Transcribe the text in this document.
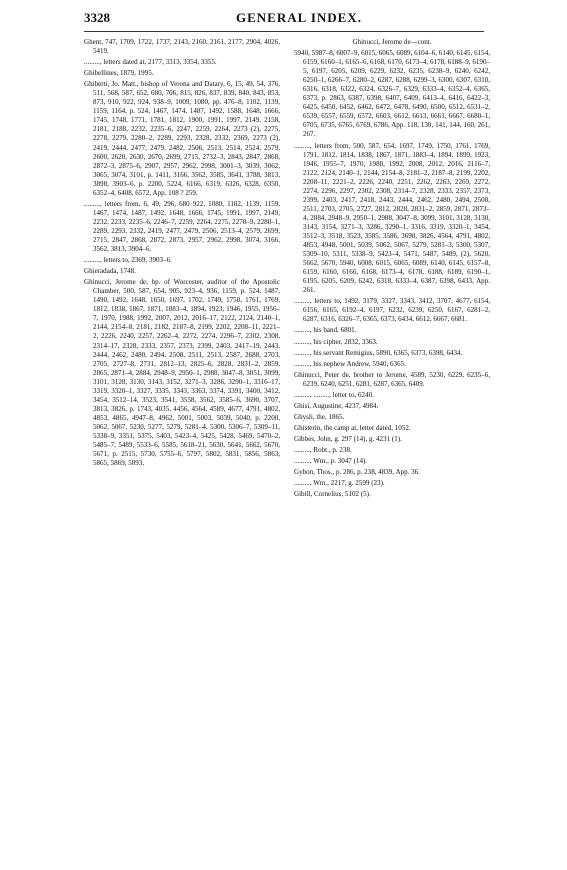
3328	GENERAL INDEX.

Ghent, 747, 1709, 1722, 1737, 2143, 2160, 2161, 2177, 2904, 4026, 5419.

........., letters dated at, 2177, 3313, 3354, 3355.

Ghibellines, 1879, 1995.

Ghiberti, Jo. Matt., bishop of Verona and Datary, 6, 15, 49, 54, 376, 511, 568, 587, 652, 680, 706, 815, 826, 837, 839, 840, 843, 853, 873, 910, 922, 924, 938–9, 1009, 1080, pp. 476–8, 1102, 1139, 1159, 1164, p. 524, 1467, 1474, 1487, 1492, 1588, 1648, 1666, 1745, 1748, 1771, 1781, 1812, 1900, 1991, 1997, 2149, 2158, 2181, 2188, 2232, 2235–6, 2247, 2259, 2264, 2273 (2), 2275, 2278, 2279, 2280–2, 2289, 2293, 2328, 2332, 2369, 2273 (2), 2419, 2444, 2477, 2479, 2482, 2506, 2513, 2514, 2524, 2579, 2600, 2620, 2630, 2670, 2699, 2715, 2732–3, 2843, 2847, 2868, 2872–3, 2875–6, 2907, 2957, 2962, 2998, 3001–3, 3039, 3062, 3065, 3074, 3101, p. 1411, 3166, 3562, 3585, 3641, 3788, 3813, 3898, 3903–6, p. 2200, 5224, 6166, 6319, 6326, 6328, 6350, 6352–4, 6408, 6572, App. 108 ? 259.

........., letters from, 6, 49, 296, 680 922, 1080, 1102, 1139, 1159, 1467, 1474, 1487, 1492, 1648, 1666, 1745, 1991, 1997, 2149, 2232, 2233, 2235–6, 2246–7, 2259, 2264, 2275, 2278–9, 2280–1, 2289, 2293, 2332, 2419, 2477, 2479, 2506, 2513–4, 2579, 2699, 2715, 2847, 2868, 2872, 2873, 2957, 2962, 2998, 3074, 3166, 3562, 3813, 3904–6.

........., letters to, 2369, 3903–6.

Ghieradada, 1748.

Ghinucci, Jerome de, bp. of Worcester, auditor of the Apostolic Chamber, 500, 587, 654, 905, 923–4, 936, 1159, p. 524, 1487, 1490, 1492, 1648, 1650, 1697, 1702, 1749, 1750, 1761, 1769, 1812, 1838, 1867, 1871, 1883–4, 1894, 1923, 1946, 1955, 1956–7, 1970, 1988, 1992, 2007, 2012, 2016–17, 2122, 2124, 2140–1, 2144, 2154–8, 2181, 2182, 2187–8, 2199, 2202, 2208–11, 2221–2, 2226, 2240, 2257, 2262–4, 2272, 2274, 2296–7, 2302, 2308, 2314–17, 2328, 2333, 2357, 2373, 2399, 2403, 2417–19, 2443, 2444, 2462, 2480, 2494, 2508, 2511, 2513, 2587, 2688, 2703, 2705, 2727–8, 2731, 2812–13, 2825–6, 2828, 2831–2, 2859, 2865, 2871–4, 2884, 2948–9, 2950–1, 2988, 3047–8, 3051, 3099, 3101, 3128, 3130, 3143, 3152, 3271–3, 3286, 3290–1, 3316–17, 3319, 3320–1, 3327, 3335, 3343, 3363, 3374, 3391, 3400, 3412, 3454, 3512–14, 3523, 3541, 3558, 3562, 3585–6, 3690, 3707, 3813, 3826, p. 1743, 4035, 4456, 4564, 4589, 4677, 4791, 4802, 4853, 4865, 4947–8, 4962, 5001, 5003, 5039, 5040, p. 2200, 5062, 5067, 5230, 5277, 5279, 5281–4, 5300, 5306–7, 5309–11, 5338–9, 3351, 5375, 5403, 5423–4, 5425, 5428, 5469, 5470–2, 5485–7, 5489, 5533–6, 5585, 5618–21, 5630, 5641, 5662, 5670, 5671, p. 2515, 5730, 5755–6, 5797, 5802, 5831, 5856, 5863, 5865, 5869, 5893,

Ghinucci, Jerome de—cont.

5940, 5987–8, 6007–9, 6015, 6065, 6089, 6104–6, 6140, 6145, 6154, 6159, 6160–1, 6165–6, 6168, 6170, 6173–4, 6178, 6188–9, 6190–5, 6197, 6205, 6209, 6229, 6232, 6235, 6238–9, 6240, 6242, 6250–1, 6266–7, 6280–2, 6287, 6288, 6299–3, 6300, 6307, 6310, 6316, 6318, 6322, 6324, 6326–7, 6329, 6333–4, 6352–4, 6365, 6373, p. 2863, 6387, 6398, 6407, 6409, 6413–4, 6416, 6422–3, 6425, 6450, 6452, 6462, 6472, 6478, 6490, 6500, 6512, 6531–2, 6539, 6557, 6559, 6572, 6603, 6612, 6613, 6661, 6667, 6680–1, 6705, 6735, 6765, 6769, 6786, App. 118, 130, 141, 144, 160, 261, 267.

........., letters from, 500, 587, 654, 1697, 1749, 1750, 1761, 1769, 1791, 1812, 1814, 1838, 1867, 1871, 1883–4, 1894, 1899, 1923, 1946, 1955–7, 1970, 1988, 1992, 2008, 2012, 2016, 2116–7, 2122, 2124, 2140–1, 2144, 2154–8, 2181–2, 2187–8, 2199, 2202, 2208–11, 2221–2, 2226, 2240, 2251, 2262, 2263, 2269, 2272, 2274, 2296, 2297, 2302, 2308, 2314–7, 2328, 2333, 2357, 2373, 2399, 2403, 2417, 2418, 2443, 2444, 2462, 2480, 2494, 2508, 2511, 2703, 2705, 2727, 2812, 2828, 2831–2, 2859, 2871, 2873–4, 2884, 2948–9, 2950–1, 2988, 3047–8, 3099, 3101, 3128, 3130, 3143, 3154, 3271–3, 3286, 3290–1, 3316, 3319, 3320–1, 3454, 3512–3, 3518, 3523, 3585, 3586, 3690, 3826, 4564, 4791, 4802, 4853, 4948, 5001, 5039, 5062, 5067, 5279, 5281–3, 5300, 5307, 5309–10, 5311, 5338–9, 5423–4, 5471, 5487, 5489, (2), 5620, 5662, 5670, 5940, 6008, 6015, 6065, 6089, 6140, 6145, 6157–8, 6159, 6160, 6166, 6168, 6173–4, 6178, 6188, 6189, 6190–1, 6195, 6205, 6209, 6242, 6318, 6333–4, 6387, 6398, 6433, App. 261.

........., letters to, 1492, 3179, 3327, 3343, 3412, 3707, 4677, 6154, 6156, 6165, 6192–4, 6197, 6232, 6239, 6250, 6167, 6281–2, 6287, 6316, 6326–7, 6365, 6373, 6434, 6612, 6667, 6681.

........., his band, 6801.

........., his cipher, 2832, 3363.

........., his servant Remigius, 5890, 6365, 6373, 6398, 6434.

........., his nephew Andrew, 5940, 6365.

Ghinucci, Peter de, brother to Jerome, 4589, 5230, 6229, 6235–6, 6239, 6240, 6251, 6281, 6287, 6365, 6409.

........., ........., letter to, 6240.

Ghisi, Augustine, 4237, 4984.

Ghysli, the, 1865.

Ghisterin, the camp at, letter dated, 1052.

Gibbes, John, g. 297 (14), g. 4231 (1).

........., Robt., p. 238.

........., Wm., p. 3047 (14).

Gybon, Thos., p. 286, p. 238, 4839, App. 36.

........., Wm., 2217, g. 2599 (23).

Gibill, Cornelius, 5102 (5).
